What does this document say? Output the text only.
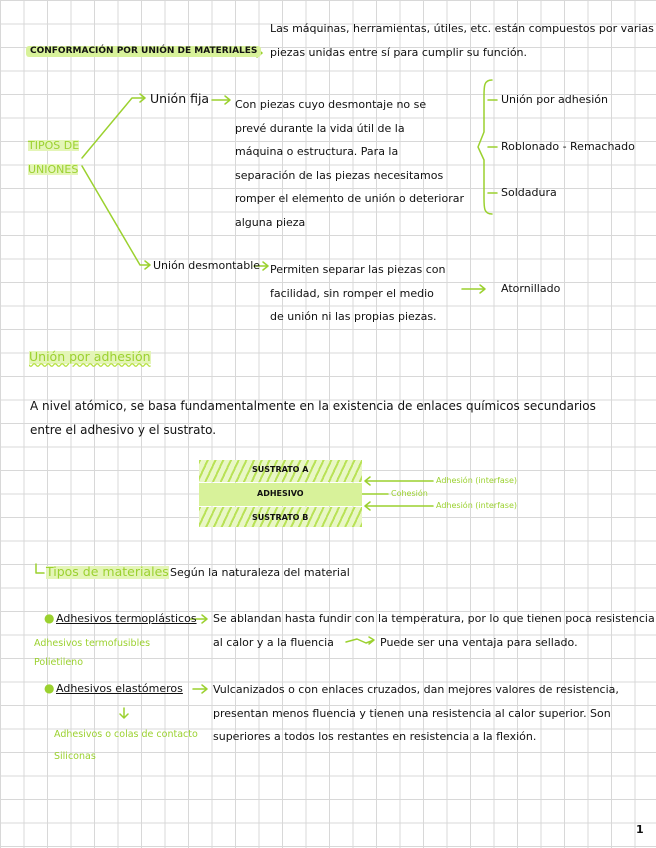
CONFORMACIÓN POR UNIÓN DE MATERIALES
Las máquinas, herramientas, útiles, etc. están compuestos por varias
piezas unidas entre sí para cumplir su función.
TIPOS DE
UNIONES
Unión fija Con piezas cuyo desmontaje no se
prevé durante la vida útil de la
máquina o estructura. Para la
separación de las piezas necesitamos
romper el elemento de unión o deteriorar
alguna pieza
Unión por adhesión
Roblonado - Remachado
Soldadura
Unión desmontable Permiten separar las piezas con
facilidad, sin romper el medio
de unión ni las propias piezas.
Atornillado
Unión por adhesión
A nivel atómico, se basa fundamentalmente en la existencia de enlaces químicos secundarios
entre el adhesivo y el sustrato.
SUSTRATO A
ADHESIVO
SUSTRATO B
Adhesión (interfase)
Cohesión
Adhesión (interfase)
Tipos de materiales Según la naturaleza del material
● Adhesivos termoplásticos Se ablandan hasta fundir con la temperatura, por lo que tienen poca resistencia
al calor y a la fluencia	Puede ser una ventaja para sellado.
Adhesivos termofusibles
Polietileno
● Adhesivos elastómeros	Vulcanizados o con enlaces cruzados, dan mejores valores de resistencia,
presentan menos fluencia y tienen una resistencia al calor superior. Son
superiores a todos los restantes en resistencia a la flexión.
Adhesivos o colas de contacto
Siliconas
1
